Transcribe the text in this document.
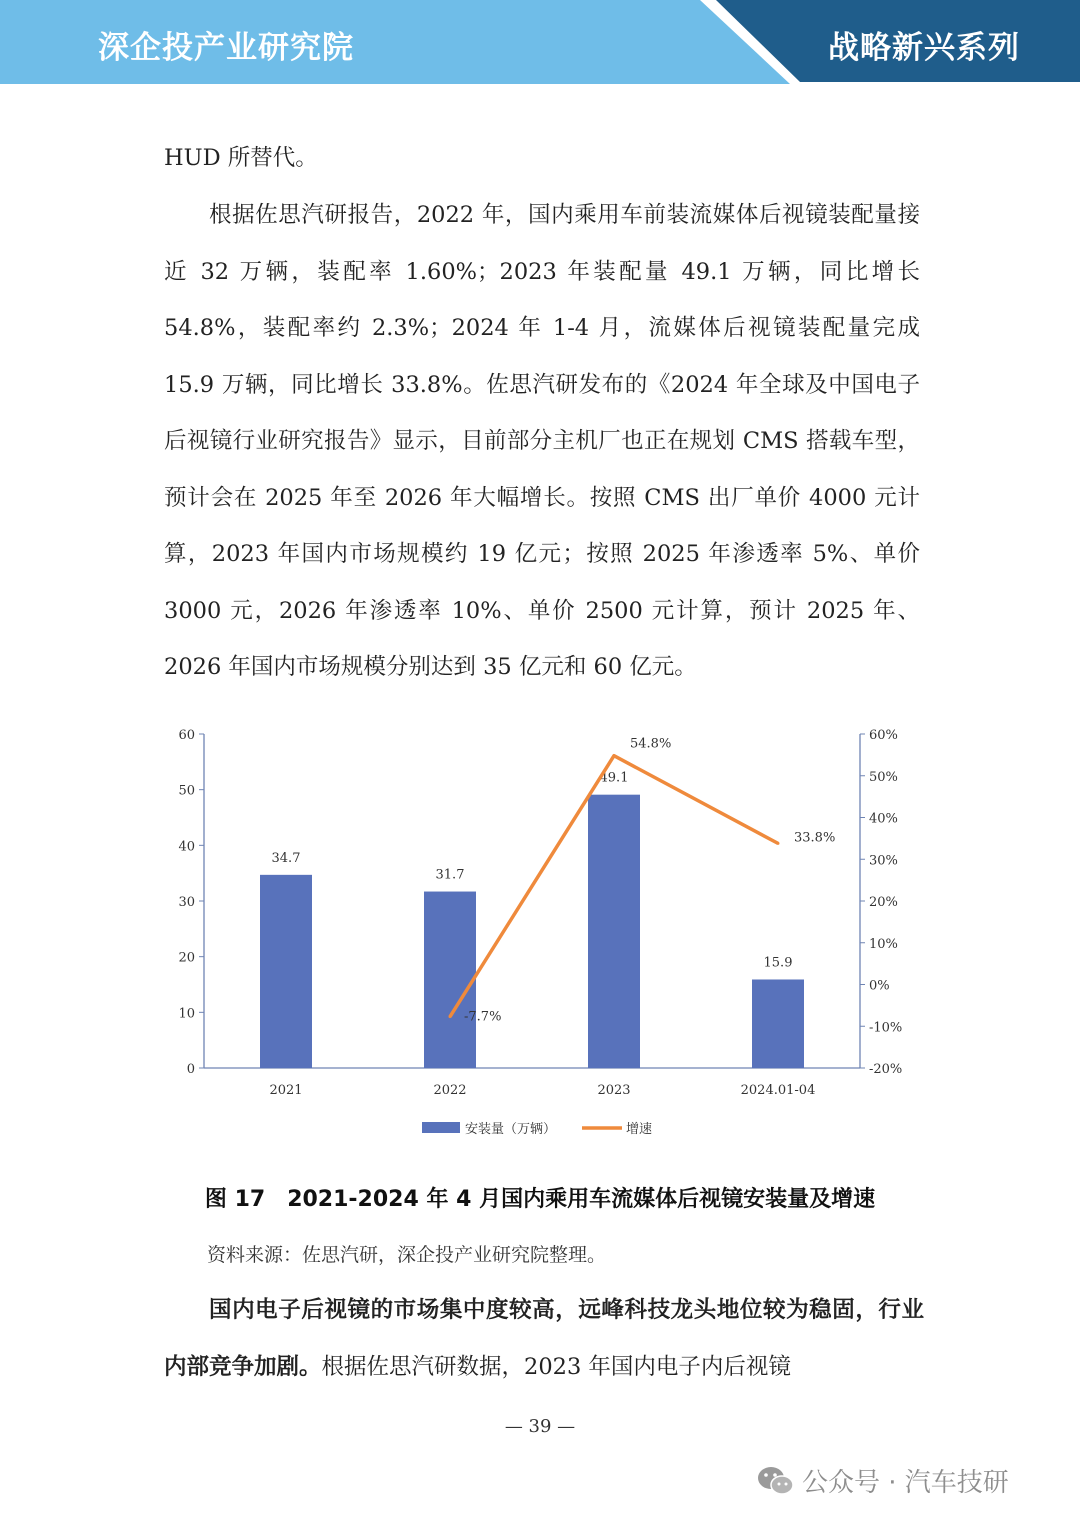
深企投产业研究院	战略新兴系列

HUD 所替代。

根据佐思汽研报告，2022 年，国内乘用车前装流媒体后视镜装配量接近 32 万辆，装配率 1.60%；2023 年装配量 49.1 万辆，同比增长 54.8%，装配率约 2.3%；2024 年 1-4 月，流媒体后视镜装配量完成 15.9 万辆，同比增长 33.8%。佐思汽研发布的《2024 年全球及中国电子后视镜行业研究报告》显示，目前部分主机厂也正在规划 CMS 搭载车型，预计会在 2025 年至 2026 年大幅增长。按照 CMS 出厂单价 4000 元计算，2023 年国内市场规模约 19 亿元；按照 2025 年渗透率 5%、单价 3000 元，2026 年渗透率 10%、单价 2500 元计算，预计 2025 年、2026 年国内市场规模分别达到 35 亿元和 60 亿元。

0
10
20
30
40
50
60
-20%
-10%
0%
10%
20%
30%
40%
50%
60%
2021	2022	2023	2024.01-04
34.7
31.7
49.1
15.9
-7.7%
54.8%
33.8%
安装量（万辆）	增速
图 17　2021-2024 年 4 月国内乘用车流媒体后视镜安装量及增速
资料来源：佐思汽研，深企投产业研究院整理。

国内电子后视镜的市场集中度较高，远峰科技龙头地位较为稳固，行业内部竞争加剧。根据佐思汽研数据，2023 年国内电子内后视镜

— 39 —
公众号 · 汽车技研
